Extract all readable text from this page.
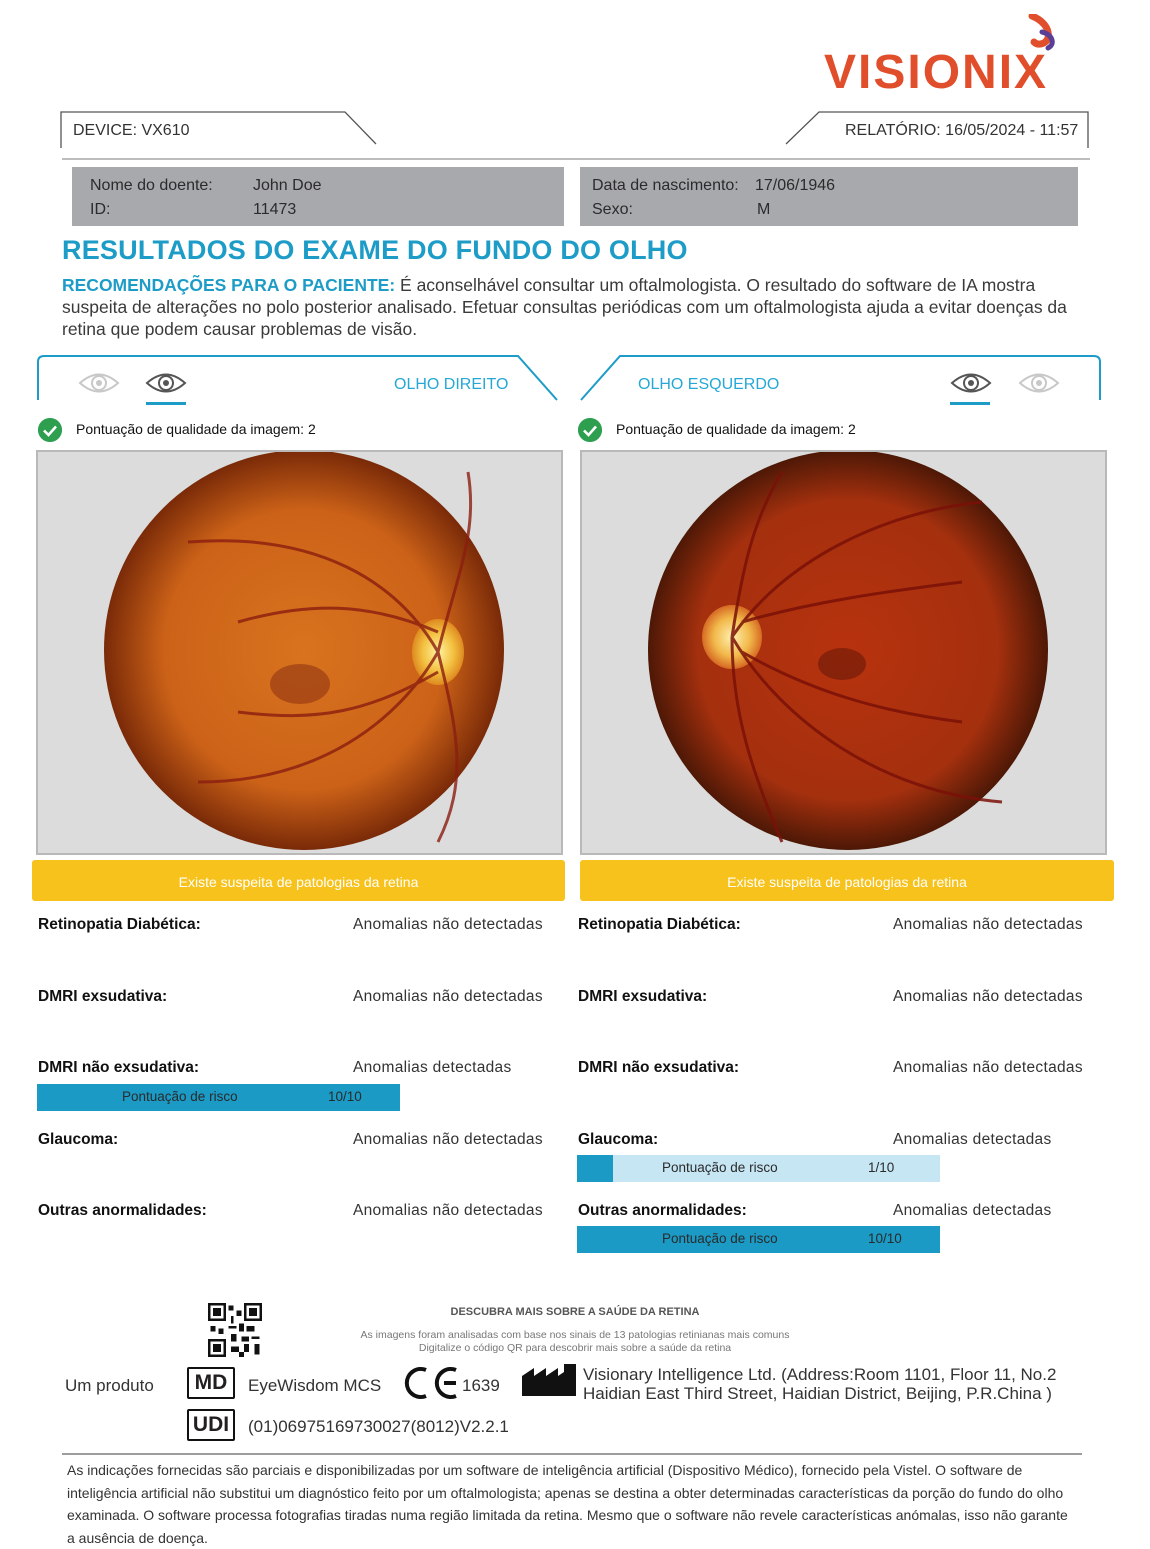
VISIONIX
DEVICE: VX610	RELATÓRIO: 16/05/2024 - 11:57
Nome do doente:	John Doe
ID:	11473
Data de nascimento: 17/06/1946
Sexo:	M
RESULTADOS DO EXAME DO FUNDO DO OLHO
RECOMENDAÇÕES PARA O PACIENTE: É aconselhável consultar um oftalmologista. O resultado do software de IA mostra suspeita de alterações no polo posterior analisado. Efetuar consultas periódicas com um oftalmologista ajuda a evitar doenças da retina que podem causar problemas de visão.
OLHO DIREITO	OLHO ESQUERDO
Pontuação de qualidade da imagem: 2	Pontuação de qualidade da imagem: 2
Existe suspeita de patologias da retina	Existe suspeita de patologias da retina
Retinopatia Diabética:	Anomalias não detectadas
DMRI exsudativa:	Anomalias não detectadas
DMRI não exsudativa:	Anomalias detectadas
Pontuação de risco	10/10
Glaucoma:	Anomalias não detectadas
Outras anormalidades:	Anomalias não detectadas
Retinopatia Diabética:	Anomalias não detectadas
DMRI exsudativa:	Anomalias não detectadas
DMRI não exsudativa:	Anomalias não detectadas
Glaucoma:	Anomalias detectadas
Pontuação de risco	1/10
Outras anormalidades:	Anomalias detectadas
Pontuação de risco	10/10
DESCUBRA MAIS SOBRE A SAÚDE DA RETINA
As imagens foram analisadas com base nos sinais de 13 patologias retinianas mais comuns
Digitalize o código QR para descobrir mais sobre a saúde da retina
Um produto	MD	EyeWisdom MCS	1639
Visionary Intelligence Ltd. (Address:Room 1101, Floor 11, No.2
Haidian East Third Street, Haidian District, Beijing, P.R.China )
UDI	(01)06975169730027(8012)V2.2.1
As indicações fornecidas são parciais e disponibilizadas por um software de inteligência artificial (Dispositivo Médico), fornecido pela Vistel. O software de inteligência artificial não substitui um diagnóstico feito por um oftalmologista; apenas se destina a obter determinadas características da porção do fundo do olho examinada. O software processa fotografias tiradas numa região limitada da retina. Mesmo que o software não revele características anómalas, isso não garante a ausência de doença.
